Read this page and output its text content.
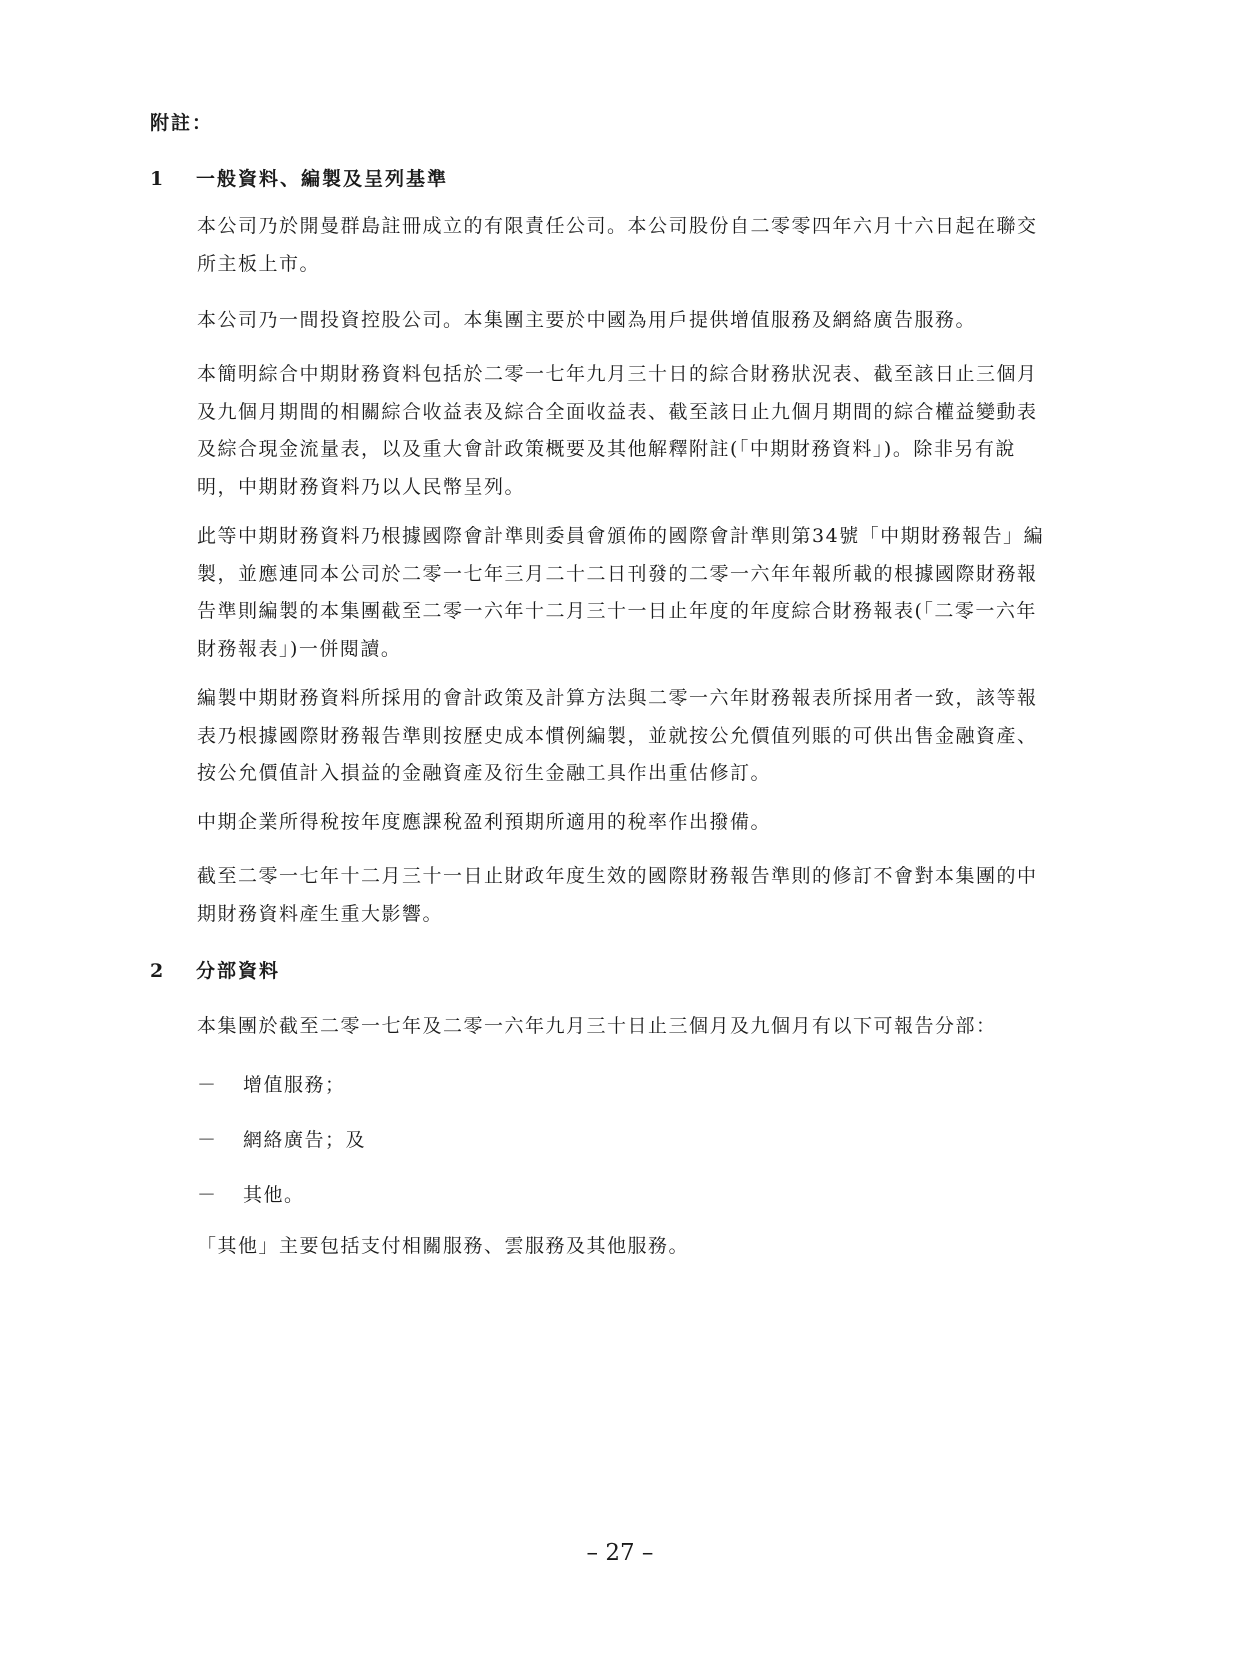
附註：
1 一般資料、編製及呈列基準

本公司乃於開曼群島註冊成立的有限責任公司。本公司股份自二零零四年六月十六日起在聯交
所主板上市。

本公司乃一間投資控股公司。本集團主要於中國為用戶提供增值服務及網絡廣告服務。

本簡明綜合中期財務資料包括於二零一七年九月三十日的綜合財務狀況表、截至該日止三個月
及九個月期間的相關綜合收益表及綜合全面收益表、截至該日止九個月期間的綜合權益變動表
及綜合現金流量表，以及重大會計政策概要及其他解釋附註(「中期財務資料」)。除非另有說
明，中期財務資料乃以人民幣呈列。

此等中期財務資料乃根據國際會計準則委員會頒佈的國際會計準則第34號「中期財務報告」編
製，並應連同本公司於二零一七年三月二十二日刊發的二零一六年年報所載的根據國際財務報
告準則編製的本集團截至二零一六年十二月三十一日止年度的年度綜合財務報表(「二零一六年
財務報表」)一併閱讀。

編製中期財務資料所採用的會計政策及計算方法與二零一六年財務報表所採用者一致，該等報
表乃根據國際財務報告準則按歷史成本慣例編製，並就按公允價值列賬的可供出售金融資產、
按公允價值計入損益的金融資產及衍生金融工具作出重估修訂。

中期企業所得稅按年度應課稅盈利預期所適用的稅率作出撥備。

截至二零一七年十二月三十一日止財政年度生效的國際財務報告準則的修訂不會對本集團的中
期財務資料產生重大影響。

2 分部資料

本集團於截至二零一七年及二零一六年九月三十日止三個月及九個月有以下可報告分部：

－ 增值服務；
－ 網絡廣告；及
－ 其他。

「其他」主要包括支付相關服務、雲服務及其他服務。

– 27 –
